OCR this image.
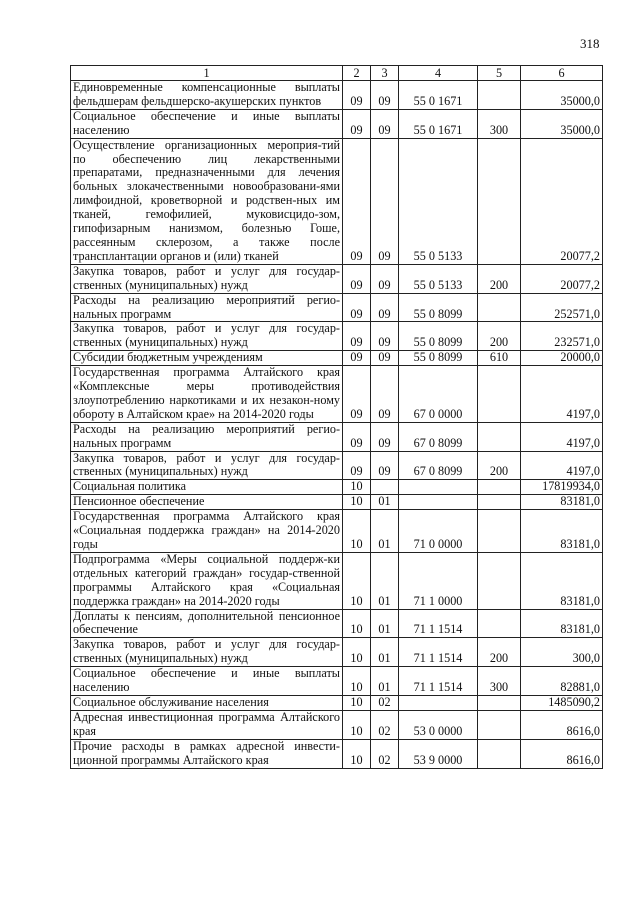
318
1	2	3	4	5	6
Единовременные компенсационные выплаты фельдшерам фельдшерско-акушерских пунктов	09	09	55 0 1671		35000,0
Социальное обеспечение и иные выплаты населению	09	09	55 0 1671	300	35000,0
Осуществление организационных мероприя-тий по обеспечению лиц лекарственными препаратами, предназначенными для лечения больных злокачественными новообразовани-ями лимфоидной, кроветворной и родствен-ных им тканей, гемофилией, муковисцидо-зом, гипофизарным нанизмом, болезнью Гоше, рассеянным склерозом, а также после трансплантации органов и (или) тканей	09	09	55 0 5133		20077,2
Закупка товаров, работ и услуг для государ-ственных (муниципальных) нужд	09	09	55 0 5133	200	20077,2
Расходы на реализацию мероприятий регио-нальных программ	09	09	55 0 8099		252571,0
Закупка товаров, работ и услуг для государ-ственных (муниципальных) нужд	09	09	55 0 8099	200	232571,0
Субсидии бюджетным учреждениям	09	09	55 0 8099	610	20000,0
Государственная программа Алтайского края «Комплексные меры противодействия злоупотреблению наркотиками и их незакон-ному обороту в Алтайском крае» на 2014-2020 годы	09	09	67 0 0000		4197,0
Расходы на реализацию мероприятий регио-нальных программ	09	09	67 0 8099		4197,0
Закупка товаров, работ и услуг для государ-ственных (муниципальных) нужд	09	09	67 0 8099	200	4197,0
Социальная политика	10				17819934,0
Пенсионное обеспечение	10	01			83181,0
Государственная программа Алтайского края «Социальная поддержка граждан» на 2014-2020 годы	10	01	71 0 0000		83181,0
Подпрограмма «Меры социальной поддерж-ки отдельных категорий граждан» государ-ственной программы Алтайского края «Социальная поддержка граждан» на 2014-2020 годы	10	01	71 1 0000		83181,0
Доплаты к пенсиям, дополнительной пенсионное обеспечение	10	01	71 1 1514		83181,0
Закупка товаров, работ и услуг для государ-ственных (муниципальных) нужд	10	01	71 1 1514	200	300,0
Социальное обеспечение и иные выплаты населению	10	01	71 1 1514	300	82881,0
Социальное обслуживание населения	10	02			1485090,2
Адресная инвестиционная программа Алтайского края	10	02	53 0 0000		8616,0
Прочие расходы в рамках адресной инвести-ционной программы Алтайского края	10	02	53 9 0000		8616,0
